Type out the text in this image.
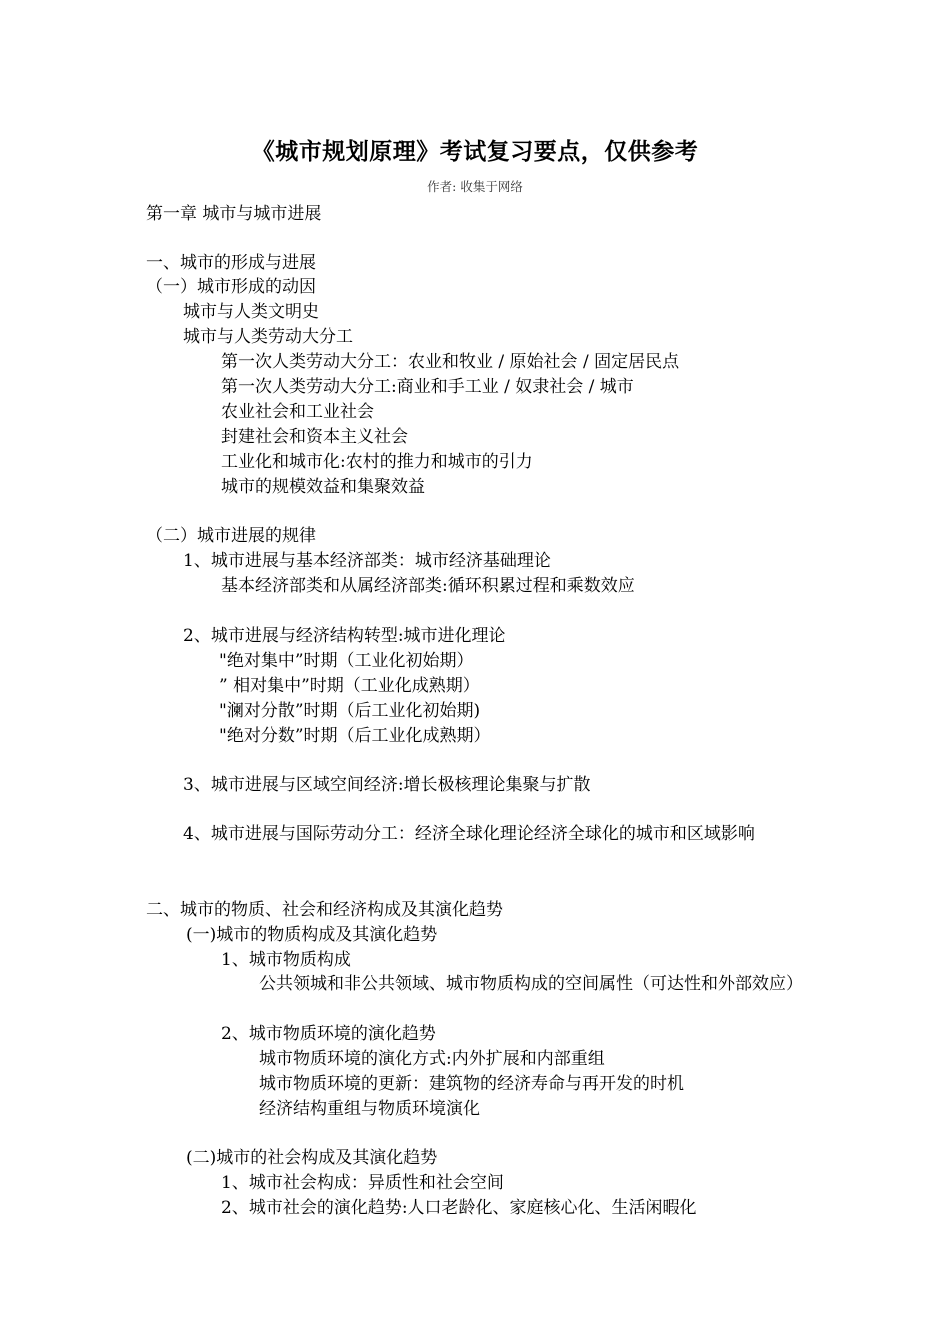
《城市规划原理》考试复习要点，仅供参考
作者: 收集于网络
第一章 城市与城市进展
一、城市的形成与进展
（一）城市形成的动因
城市与人类文明史
城市与人类劳动大分工
第一次人类劳动大分工：农业和牧业 / 原始社会 / 固定居民点
第一次人类劳动大分工:商业和手工业 / 奴隶社会 / 城市
农业社会和工业社会
封建社会和资本主义社会
工业化和城市化:农村的推力和城市的引力
城市的规模效益和集聚效益
（二）城市进展的规律
1、城市进展与基本经济部类：城市经济基础理论
基本经济部类和从属经济部类:循环积累过程和乘数效应
2、城市进展与经济结构转型:城市进化理论
"绝对集中”时期（工业化初始期）
” 相对集中”时期（工业化成熟期）
"澜对分散”时期（后工业化初始期)
"绝对分数”时期（后工业化成熟期）
3、城市进展与区域空间经济:增长极核理论集聚与扩散
4、城市进展与国际劳动分工：经济全球化理论经济全球化的城市和区域影响
二、城市的物质、社会和经济构成及其演化趋势
(一)城市的物质构成及其演化趋势
1、城市物质构成
公共领城和非公共领域、城市物质构成的空间属性（可达性和外部效应）
2、城市物质环境的演化趋势
城市物质环境的演化方式:内外扩展和内部重组
城市物质环境的更新：建筑物的经济寿命与再开发的时机
经济结构重组与物质环境演化
(二)城市的社会构成及其演化趋势
1、城市社会构成：异质性和社会空间
2、城市社会的演化趋势:人口老龄化、家庭核心化、生活闲暇化
